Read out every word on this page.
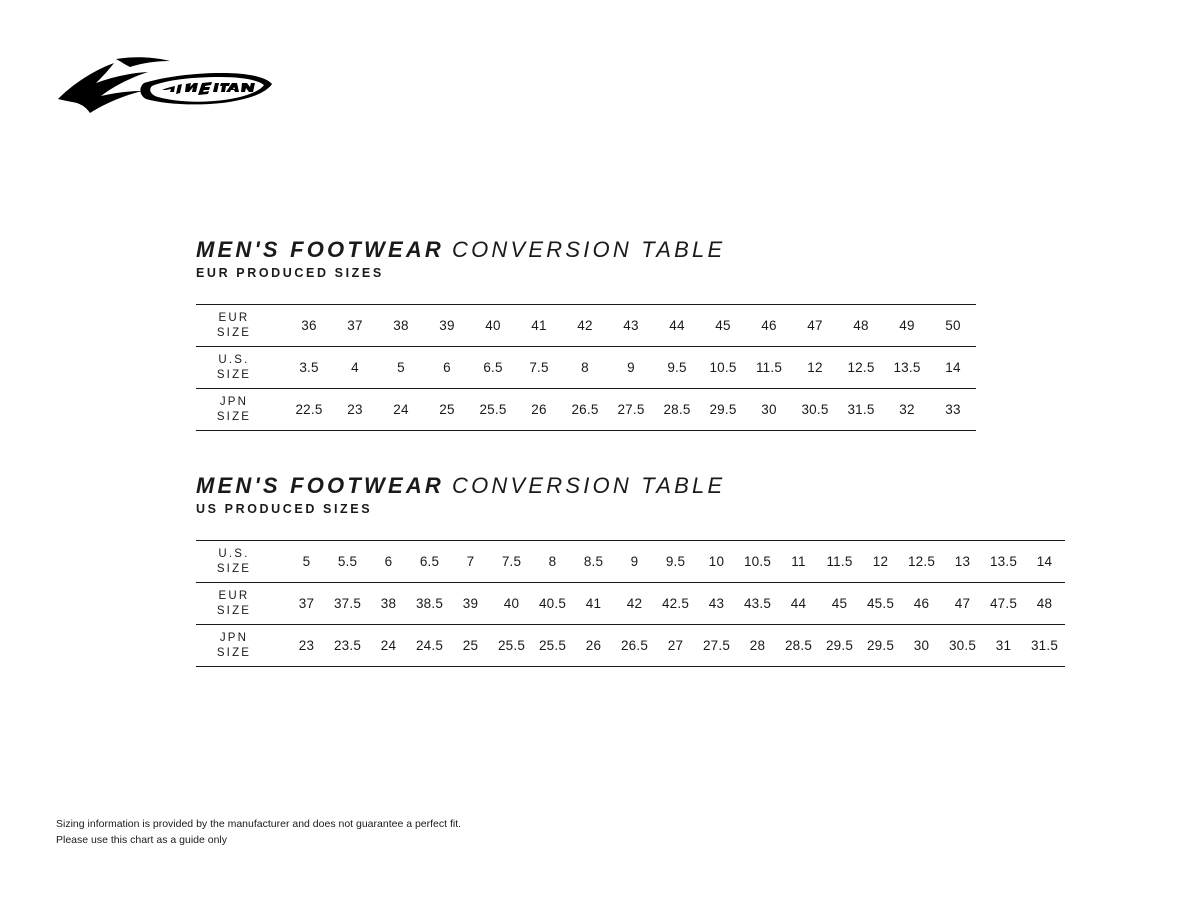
MEN'S FOOTWEAR CONVERSION TABLE
EUR PRODUCED SIZES
EUR
SIZE	36	37	38	39	40	41	42	43	44	45	46	47	48	49	50

U.S.
SIZE	3.5	4	5	6	6.5	7.5	8	9	9.5	10.5	11.5	12	12.5	13.5	14

JPN
SIZE	22.5	23	24	25	25.5	26	26.5	27.5	28.5	29.5	30	30.5	31.5	32	33
MEN'S FOOTWEAR CONVERSION TABLE
US PRODUCED SIZES
U.S.
SIZE	5	5.5	6	6.5	7	7.5	8	8.5	9	9.5	10	10.5	11	11.5	12	12.5	13	13.5	14

EUR
SIZE	37	37.5	38	38.5	39	40	40.5	41	42	42.5	43	43.5	44	45	45.5	46	47	47.5	48

JPN
SIZE	23	23.5	24	24.5	25	25.5	25.5	26	26.5	27	27.5	28	28.5	29.5	29.5	30	30.5	31	31.5
Sizing information is provided by the manufacturer and does not guarantee a perfect fit.
Please use this chart as a guide only
